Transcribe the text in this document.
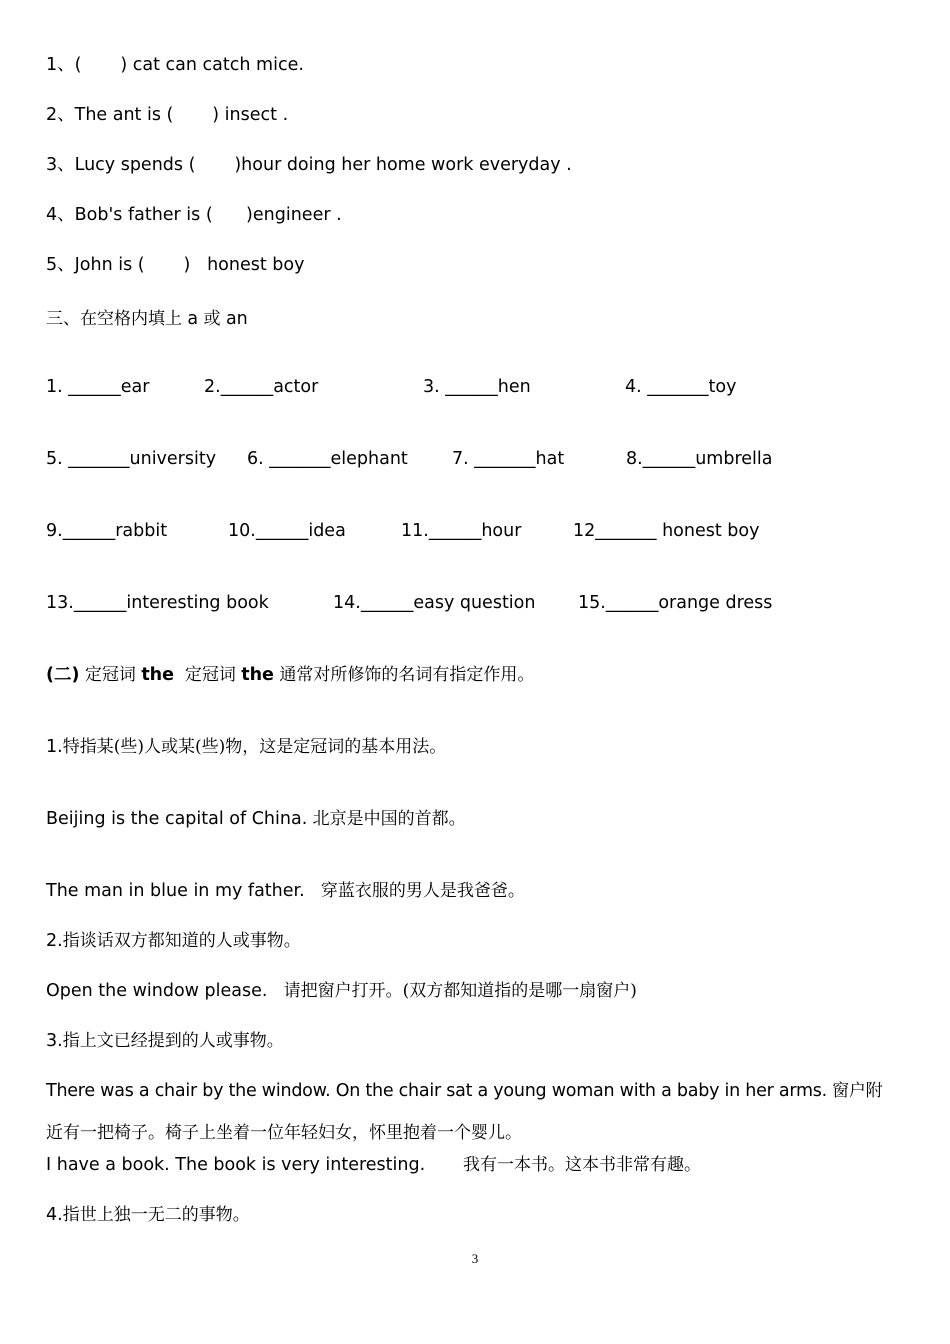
1、(       ) cat can catch mice.
2、The ant is (       ) insect .
3、Lucy spends (       )hour doing her home work everyday .
4、Bob's father is (      )engineer .
5、John is (       )   honest boy
三、在空格内填上 a 或 an
1. ______ear	2.______actor	3. ______hen	4. _______toy
5. _______university 6. _______elephant	7. _______hat	8.______umbrella
9.______rabbit	10.______idea	11.______hour	12_______ honest boy
13.______interesting book	14.______easy question 15.______orange dress
(二) 定冠词 the  定冠词 the 通常对所修饰的名词有指定作用。
1.特指某(些)人或某(些)物，这是定冠词的基本用法。
Beijing is the capital of China. 北京是中国的首都。
The man in blue in my father.   穿蓝衣服的男人是我爸爸。
2.指谈话双方都知道的人或事物。
Open the window please.   请把窗户打开。(双方都知道指的是哪一扇窗户)
3.指上文已经提到的人或事物。
There was a chair by the window. On the chair sat a young woman with a baby in her arms. 窗户附
近有一把椅子。椅子上坐着一位年轻妇女，怀里抱着一个婴儿。
I have a book. The book is very interesting.       我有一本书。这本书非常有趣。
4.指世上独一无二的事物。
3
